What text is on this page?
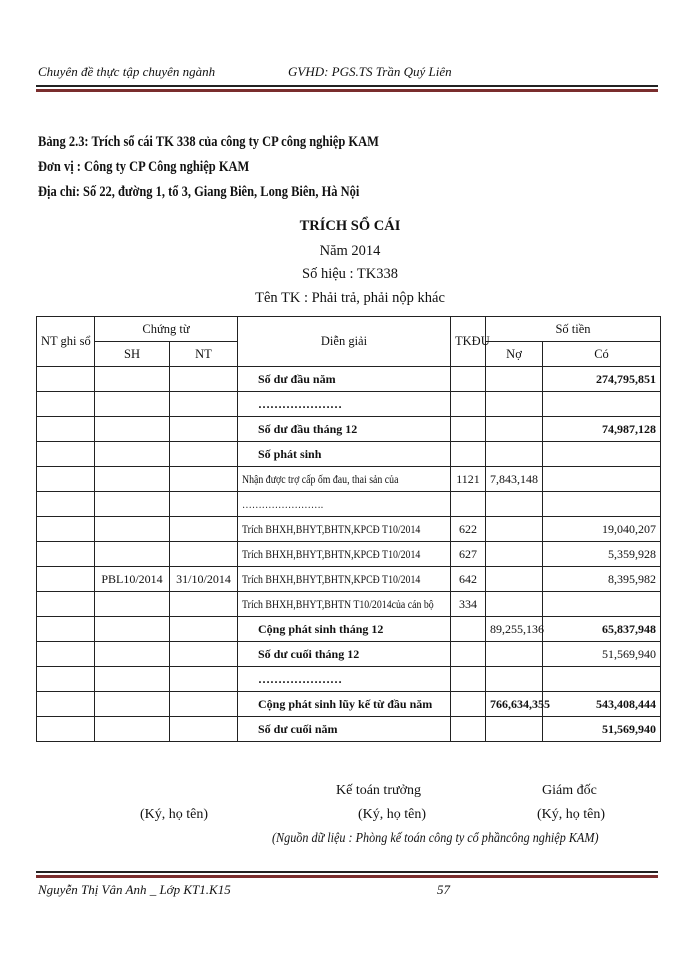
Chuyên đề thực tập chuyên ngành	GVHD: PGS.TS Trần Quý Liên
Bảng 2.3: Trích sổ cái TK 338 của công ty CP công nghiệp KAM
Đơn vị : Công ty CP Công nghiệp KAM
Địa chỉ: Số 22, đường 1, tổ 3, Giang Biên, Long Biên, Hà Nội
TRÍCH SỔ CÁI
Năm 2014
Số hiệu : TK338
Tên TK : Phải trả, phải nộp khác
NT ghi sổ	Chứng từ		Diễn giải	TKĐU	Số tiền	
	SH	NT			Nợ	Có
			Số dư đầu năm			274,795,851
			…………………			
			Số dư đầu tháng 12			74,987,128
			Số phát sinh			
			Nhận được trợ cấp ốm đau, thai sản của	1121	7,843,148	
			…………………….			
			Trích BHXH,BHYT,BHTN,KPCĐ T10/2014	622		19,040,207
			Trích BHXH,BHYT,BHTN,KPCĐ T10/2014	627		5,359,928
	PBL10/2014	31/10/2014	Trích BHXH,BHYT,BHTN,KPCĐ T10/2014	642		8,395,982
			Trích BHXH,BHYT,BHTN T10/2014của cán bộ	334		
			Cộng phát sinh tháng 12		89,255,136	65,837,948
			Số dư cuối tháng 12			51,569,940
			…………………			
			Cộng phát sinh lũy kế từ đầu năm		766,634,355	543,408,444
			Số dư cuối năm			51,569,940
Kế toán trưởng	Giám đốc
(Ký, họ tên)	(Ký, họ tên)	(Ký, họ tên)
(Nguồn dữ liệu : Phòng kế toán công ty cổ phầncông nghiệp KAM)
Nguyễn Thị Vân Anh _ Lớp KT1.K15	57
